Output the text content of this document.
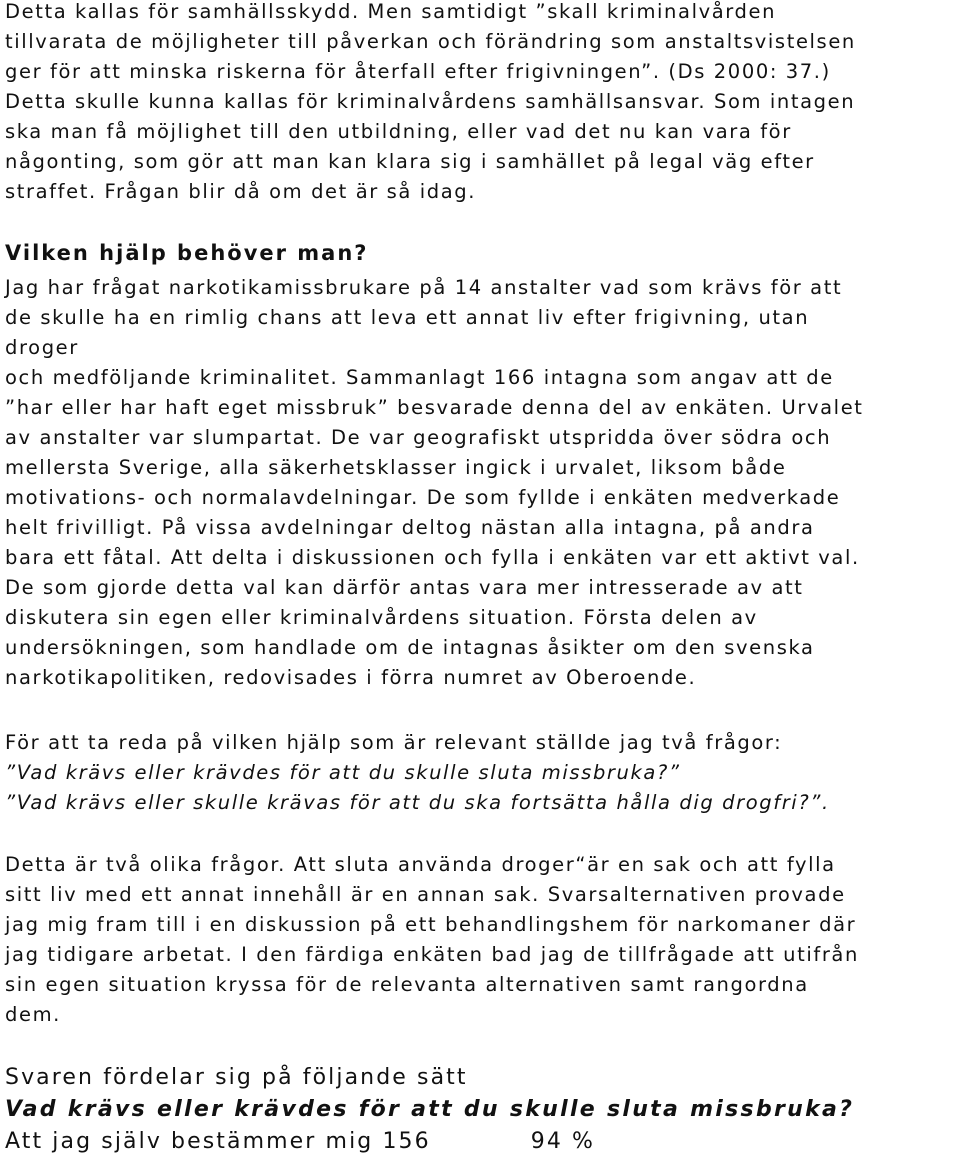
Detta kallas för samhällsskydd. Men samtidigt ”skall kriminalvården
tillvarata de möjligheter till påverkan och förändring som anstaltsvistelsen
ger för att minska riskerna för återfall efter frigivningen”. (Ds 2000: 37.)
Detta skulle kunna kallas för kriminalvårdens samhällsansvar. Som intagen
ska man få möjlighet till den utbildning, eller vad det nu kan vara för
någonting, som gör att man kan klara sig i samhället på legal väg efter
straffet. Frågan blir då om det är så idag.
Vilken hjälp behöver man?
Jag har frågat narkotikamissbrukare på 14 anstalter vad som krävs för att
de skulle ha en rimlig chans att leva ett annat liv efter frigivning, utan
droger
och medföljande kriminalitet. Sammanlagt 166 intagna som angav att de
”har eller har haft eget missbruk” besvarade denna del av enkäten. Urvalet
av anstalter var slumpartat. De var geografiskt utspridda över södra och
mellersta Sverige, alla säkerhetsklasser ingick i urvalet, liksom både
motivations- och normalavdelningar. De som fyllde i enkäten medverkade
helt frivilligt. På vissa avdelningar deltog nästan alla intagna, på andra
bara ett fåtal. Att delta i diskussionen och fylla i enkäten var ett aktivt val.
De som gjorde detta val kan därför antas vara mer intresserade av att
diskutera sin egen eller kriminalvårdens situation. Första delen av
undersökningen, som handlade om de intagnas åsikter om den svenska
narkotikapolitiken, redovisades i förra numret av Oberoende.
För att ta reda på vilken hjälp som är relevant ställde jag två frågor:
”Vad krävs eller krävdes för att du skulle sluta missbruka?”
”Vad krävs eller skulle krävas för att du ska fortsätta hålla dig drogfri?”.
Detta är två olika frågor. Att sluta använda droger“är en sak och att fylla
sitt liv med ett annat innehåll är en annan sak. Svarsalternativen provade
jag mig fram till i en diskussion på ett behandlingshem för narkomaner där
jag tidigare arbetat. I den färdiga enkäten bad jag de tillfrågade att utifrån
sin egen situation kryssa för de relevanta alternativen samt rangordna
dem.
Svaren fördelar sig på följande sätt
Vad krävs eller krävdes för att du skulle sluta missbruka?
Att jag själv bestämmer mig 156	94 %
